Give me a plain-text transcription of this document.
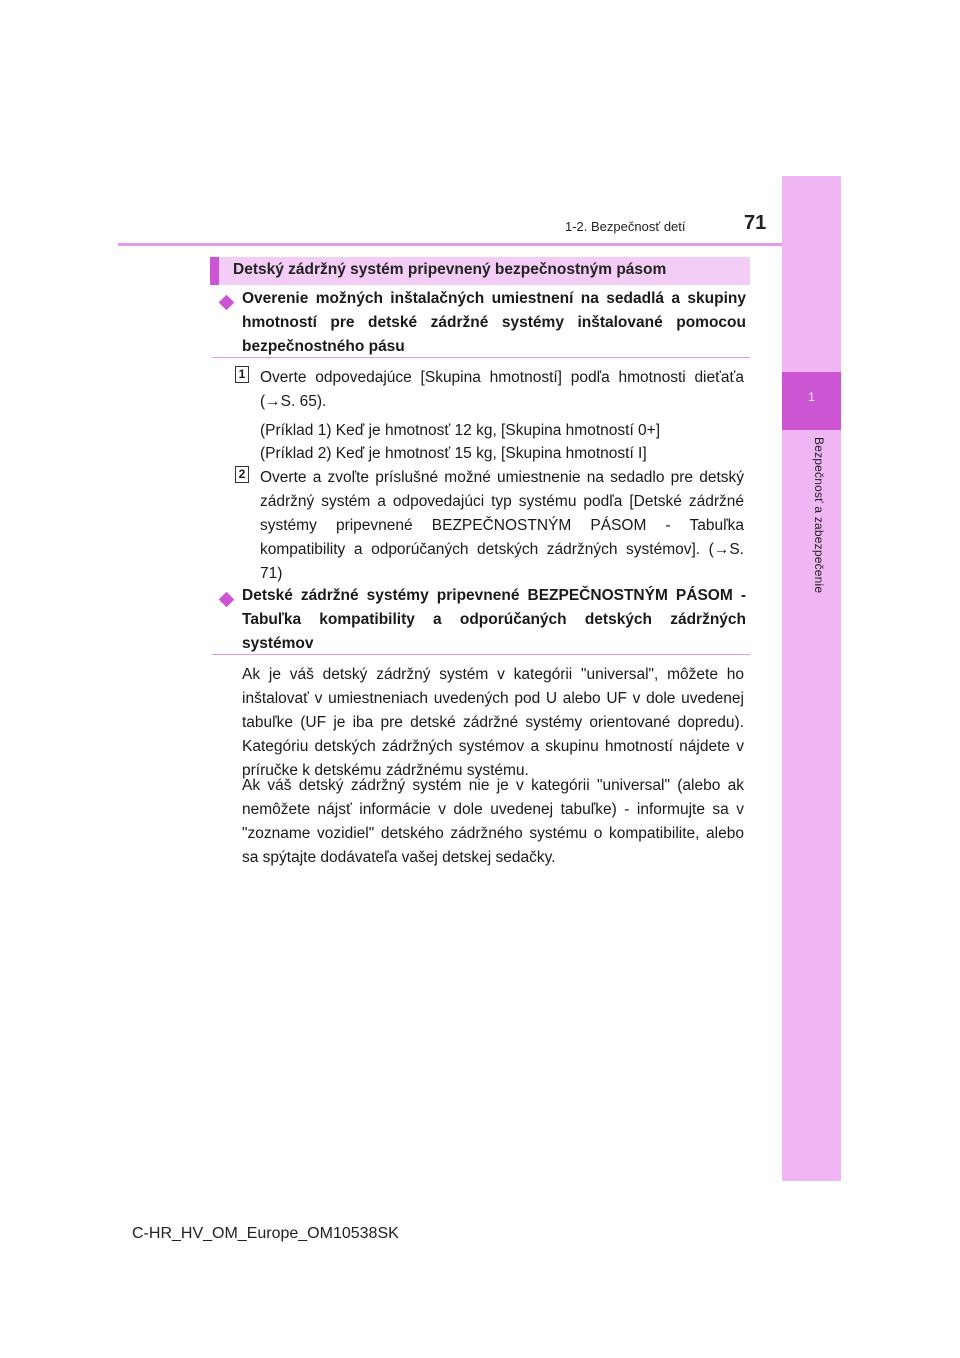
1
Bezpečnosť a zabezpečenie
1-2. Bezpečnosť detí	71
Detský zádržný systém pripevnený bezpečnostným pásom
Overenie možných inštalačných umiestnení na sedadlá a skupiny hmotností pre detské zádržné systémy inštalované pomocou bezpečnostného pásu
1 Overte odpovedajúce [Skupina hmotností] podľa hmotnosti dieťaťa (→S. 65).
(Príklad 1) Keď je hmotnosť 12 kg, [Skupina hmotností 0+]
(Príklad 2) Keď je hmotnosť 15 kg, [Skupina hmotností I]
2 Overte a zvoľte príslušné možné umiestnenie na sedadlo pre detský zádržný systém a odpovedajúci typ systému podľa [Detské zádržné systémy pripevnené BEZPEČNOSTNÝM PÁSOM - Tabuľka kompatibility a odporúčaných detských zádržných systémov]. (→S. 71)
Detské zádržné systémy pripevnené BEZPEČNOSTNÝM PÁSOM - Tabuľka kompatibility a odporúčaných detských zádržných systémov
Ak je váš detský zádržný systém v kategórii "universal", môžete ho inštalovať v umiestneniach uvedených pod U alebo UF v dole uvedenej tabuľke (UF je iba pre detské zádržné systémy orientované dopredu). Kategóriu detských zádržných systémov a skupinu hmotností nájdete v príručke k detskému zádržnému systému.
Ak váš detský zádržný systém nie je v kategórii "universal" (alebo ak nemôžete nájsť informácie v dole uvedenej tabuľke) - informujte sa v "zozname vozidiel" detského zádržného systému o kompatibilite, alebo sa spýtajte dodávateľa vašej detskej sedačky.
C-HR_HV_OM_Europe_OM10538SK
